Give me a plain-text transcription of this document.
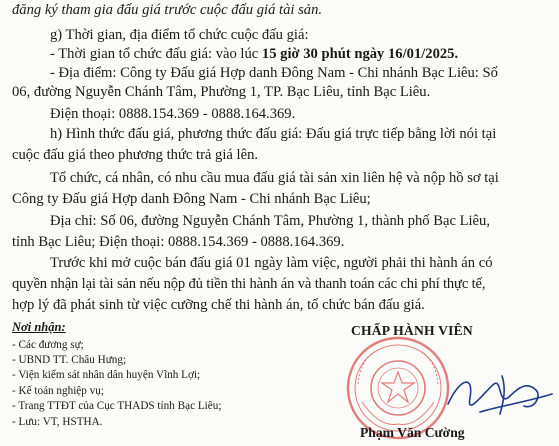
đăng ký tham gia đấu giá trước cuộc đấu giá tài sản.
g) Thời gian, địa điểm tổ chức cuộc đấu giá:
- Thời gian tổ chức đấu giá: vào lúc 15 giờ 30 phút ngày 16/01/2025.
- Địa điểm: Công ty Đấu giá Hợp danh Đông Nam - Chi nhánh Bạc Liêu: Số
06, đường Nguyễn Chánh Tâm, Phường 1, TP. Bạc Liêu, tỉnh Bạc Liêu.
Điện thoại: 0888.154.369 - 0888.164.369.
h) Hình thức đấu giá, phương thức đấu giá: Đấu giá trực tiếp bằng lời nói tại
cuộc đấu giá theo phương thức trả giá lên.
Tổ chức, cá nhân, có nhu cầu mua đấu giá tài sản xin liên hệ và nộp hồ sơ tại
Công ty Đấu giá Hợp danh Đông Nam - Chi nhánh Bạc Liêu;
Địa chỉ: Số 06, đường Nguyễn Chánh Tâm, Phường 1, thành phố Bạc Liêu,
tỉnh Bạc Liêu; Điện thoại: 0888.154.369 - 0888.164.369.
Trước khi mở cuộc bán đấu giá 01 ngày làm việc, người phải thi hành án có
quyền nhận lại tài sản nếu nộp đủ tiền thi hành án và thanh toán các chi phí thực tế,
hợp lý đã phát sinh từ việc cưỡng chế thi hành án, tổ chức bán đấu giá.
Nơi nhận:
- Các đương sự;
- UBND TT. Châu Hưng;
- Viện kiểm sát nhân dân huyện Vĩnh Lợi;
- Kế toán nghiệp vụ;
- Trang TTĐT của Cục THADS tỉnh Bạc Liêu;
- Lưu: VT, HSTHA.
CHẤP HÀNH VIÊN
Phạm Văn Cường
